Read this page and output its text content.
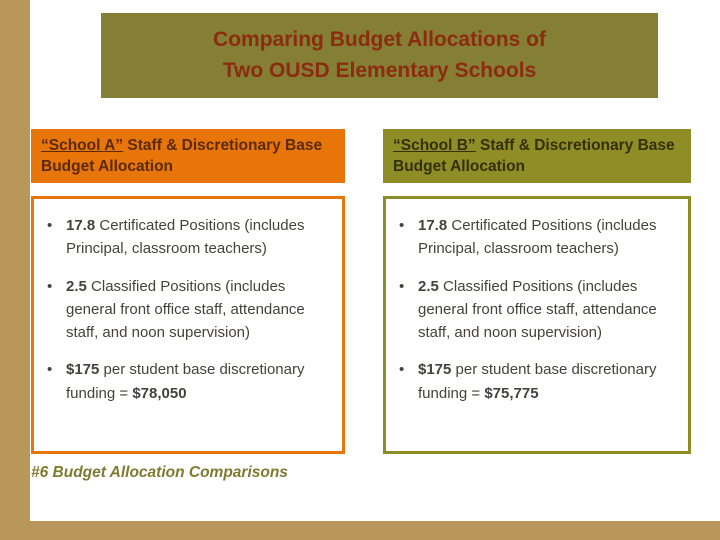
Comparing Budget Allocations of
Two OUSD Elementary Schools
“School A” Staff & Discretionary Base Budget Allocation
“School B” Staff & Discretionary Base Budget Allocation
• 17.8 Certificated Positions (includes Principal, classroom teachers)
• 2.5 Classified Positions (includes general front office staff, attendance staff, and noon supervision)
• $175 per student base discretionary funding = $78,050
• 17.8 Certificated Positions (includes Principal, classroom teachers)
• 2.5 Classified Positions (includes general front office staff, attendance staff, and noon supervision)
• $175 per student base discretionary funding = $75,775
#6 Budget Allocation Comparisons
